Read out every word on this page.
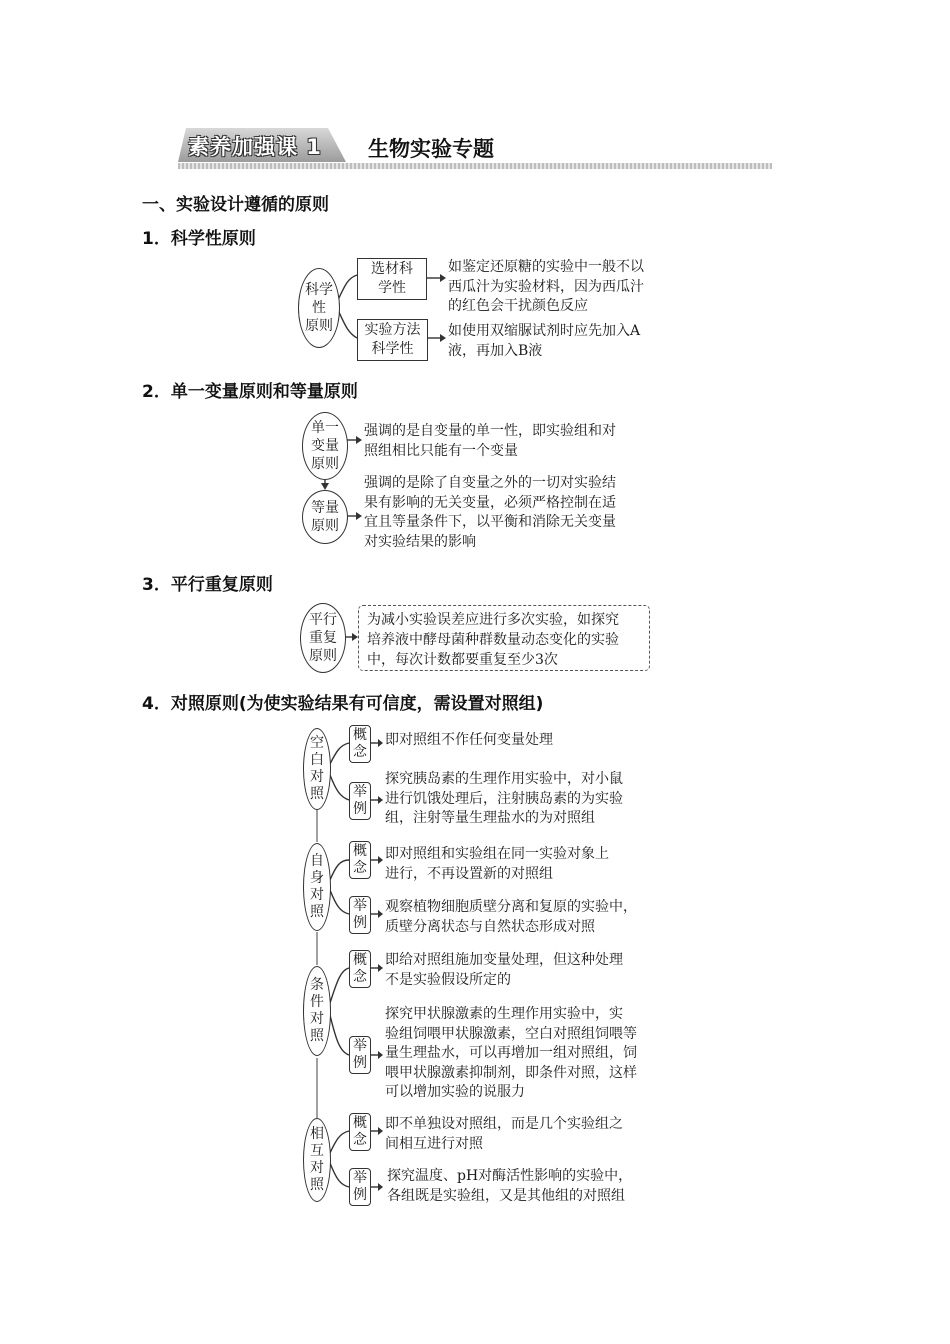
素养加强课 1 生物实验专题
一、实验设计遵循的原则
1．科学性原则
科学
性
原则
选材科
学性
如鉴定还原糖的实验中一般不以
西瓜汁为实验材料，因为西瓜汁
的红色会干扰颜色反应
实验方法
科学性
如使用双缩脲试剂时应先加入A
液，再加入B液
2．单一变量原则和等量原则
单一
变量
原则
强调的是自变量的单一性，即实验组和对
照组相比只能有一个变量
等量
原则
强调的是除了自变量之外的一切对实验结
果有影响的无关变量，必须严格控制在适
宜且等量条件下，以平衡和消除无关变量
对实验结果的影响
3．平行重复原则
平行
重复
原则
为减小实验误差应进行多次实验，如探究
培养液中酵母菌种群数量动态变化的实验
中，每次计数都要重复至少3次
4．对照原则(为使实验结果有可信度，需设置对照组)
空
白
对
照
概
念
即对照组不作任何变量处理
举
例
探究胰岛素的生理作用实验中，对小鼠
进行饥饿处理后，注射胰岛素的为实验
组，注射等量生理盐水的为对照组
自
身
对
照
概
念
即对照组和实验组在同一实验对象上
进行，不再设置新的对照组
举
例
观察植物细胞质壁分离和复原的实验中，
质壁分离状态与自然状态形成对照
条
件
对
照
概
念
即给对照组施加变量处理，但这种处理
不是实验假设所定的
举
例
探究甲状腺激素的生理作用实验中，实
验组饲喂甲状腺激素，空白对照组饲喂等
量生理盐水，可以再增加一组对照组，饲
喂甲状腺激素抑制剂，即条件对照，这样
可以增加实验的说服力
相
互
对
照
概
念
即不单独设对照组，而是几个实验组之
间相互进行对照
举
例
探究温度、pH对酶活性影响的实验中，
各组既是实验组，又是其他组的对照组
